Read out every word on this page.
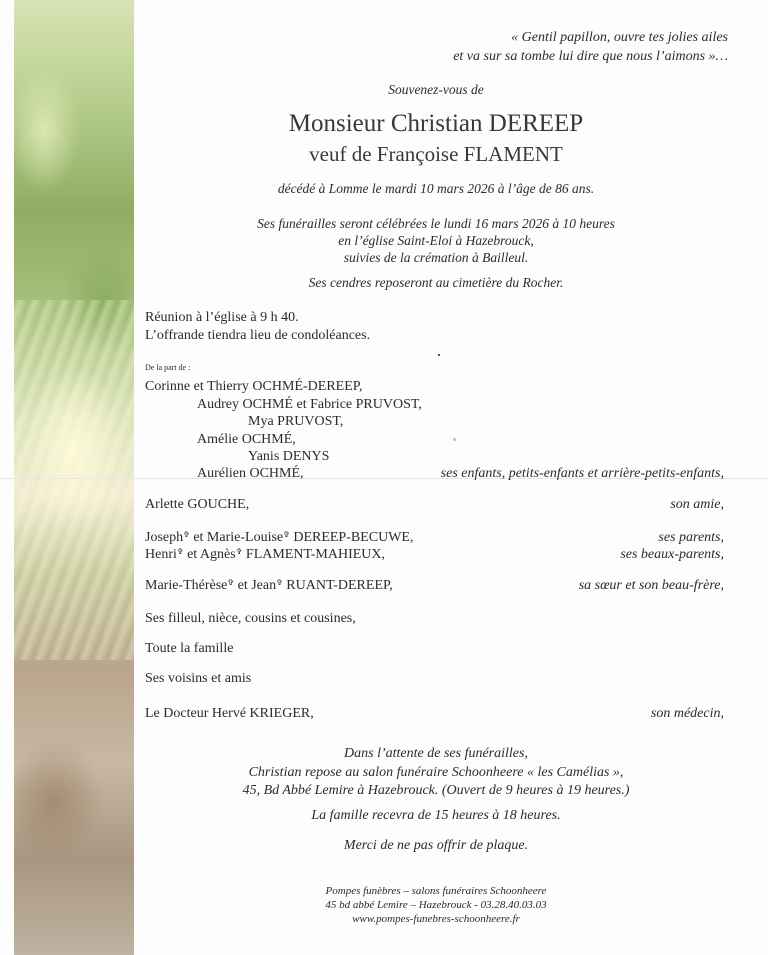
« Gentil papillon, ouvre tes jolies ailes
et va sur sa tombe lui dire que nous l’aimons »…
Souvenez-vous de
Monsieur Christian DEREEP
veuf de Françoise FLAMENT
décédé à Lomme le mardi 10 mars 2026 à l’âge de 86 ans.
Ses funérailles seront célébrées le lundi 16 mars 2026 à 10 heures
en l’église Saint-Eloi à Hazebrouck,
suivies de la crémation à Bailleul.
Ses cendres reposeront au cimetière du Rocher.
Réunion à l’église à 9 h 40.
L’offrande tiendra lieu de condoléances.
De la part de :
Corinne et Thierry OCHMÉ-DEREEP,
Audrey OCHMÉ et Fabrice PRUVOST,
Mya PRUVOST,
Amélie OCHMÉ,
Yanis DENYS
Aurélien OCHMÉ,	ses enfants, petits-enfants et arrière-petits-enfants,
Arlette GOUCHE,	son amie,
Joseph✞ et Marie-Louise✞ DEREEP-BECUWE,	ses parents,
Henri✞ et Agnès✞ FLAMENT-MAHIEUX,	ses beaux-parents,
Marie-Thérèse✞ et Jean✞ RUANT-DEREEP,	sa sœur et son beau-frère,
Ses filleul, nièce, cousins et cousines,
Toute la famille
Ses voisins et amis
Le Docteur Hervé KRIEGER,	son médecin,
Dans l’attente de ses funérailles,
Christian repose au salon funéraire Schoonheere « les Camélias »,
45, Bd Abbé Lemire à Hazebrouck. (Ouvert de 9 heures à 19 heures.)
La famille recevra de 15 heures à 18 heures.
Merci de ne pas offrir de plaque.
Pompes funèbres – salons funéraires Schoonheere
45 bd abbé Lemire – Hazebrouck - 03.28.40.03.03
www.pompes-funebres-schoonheere.fr
